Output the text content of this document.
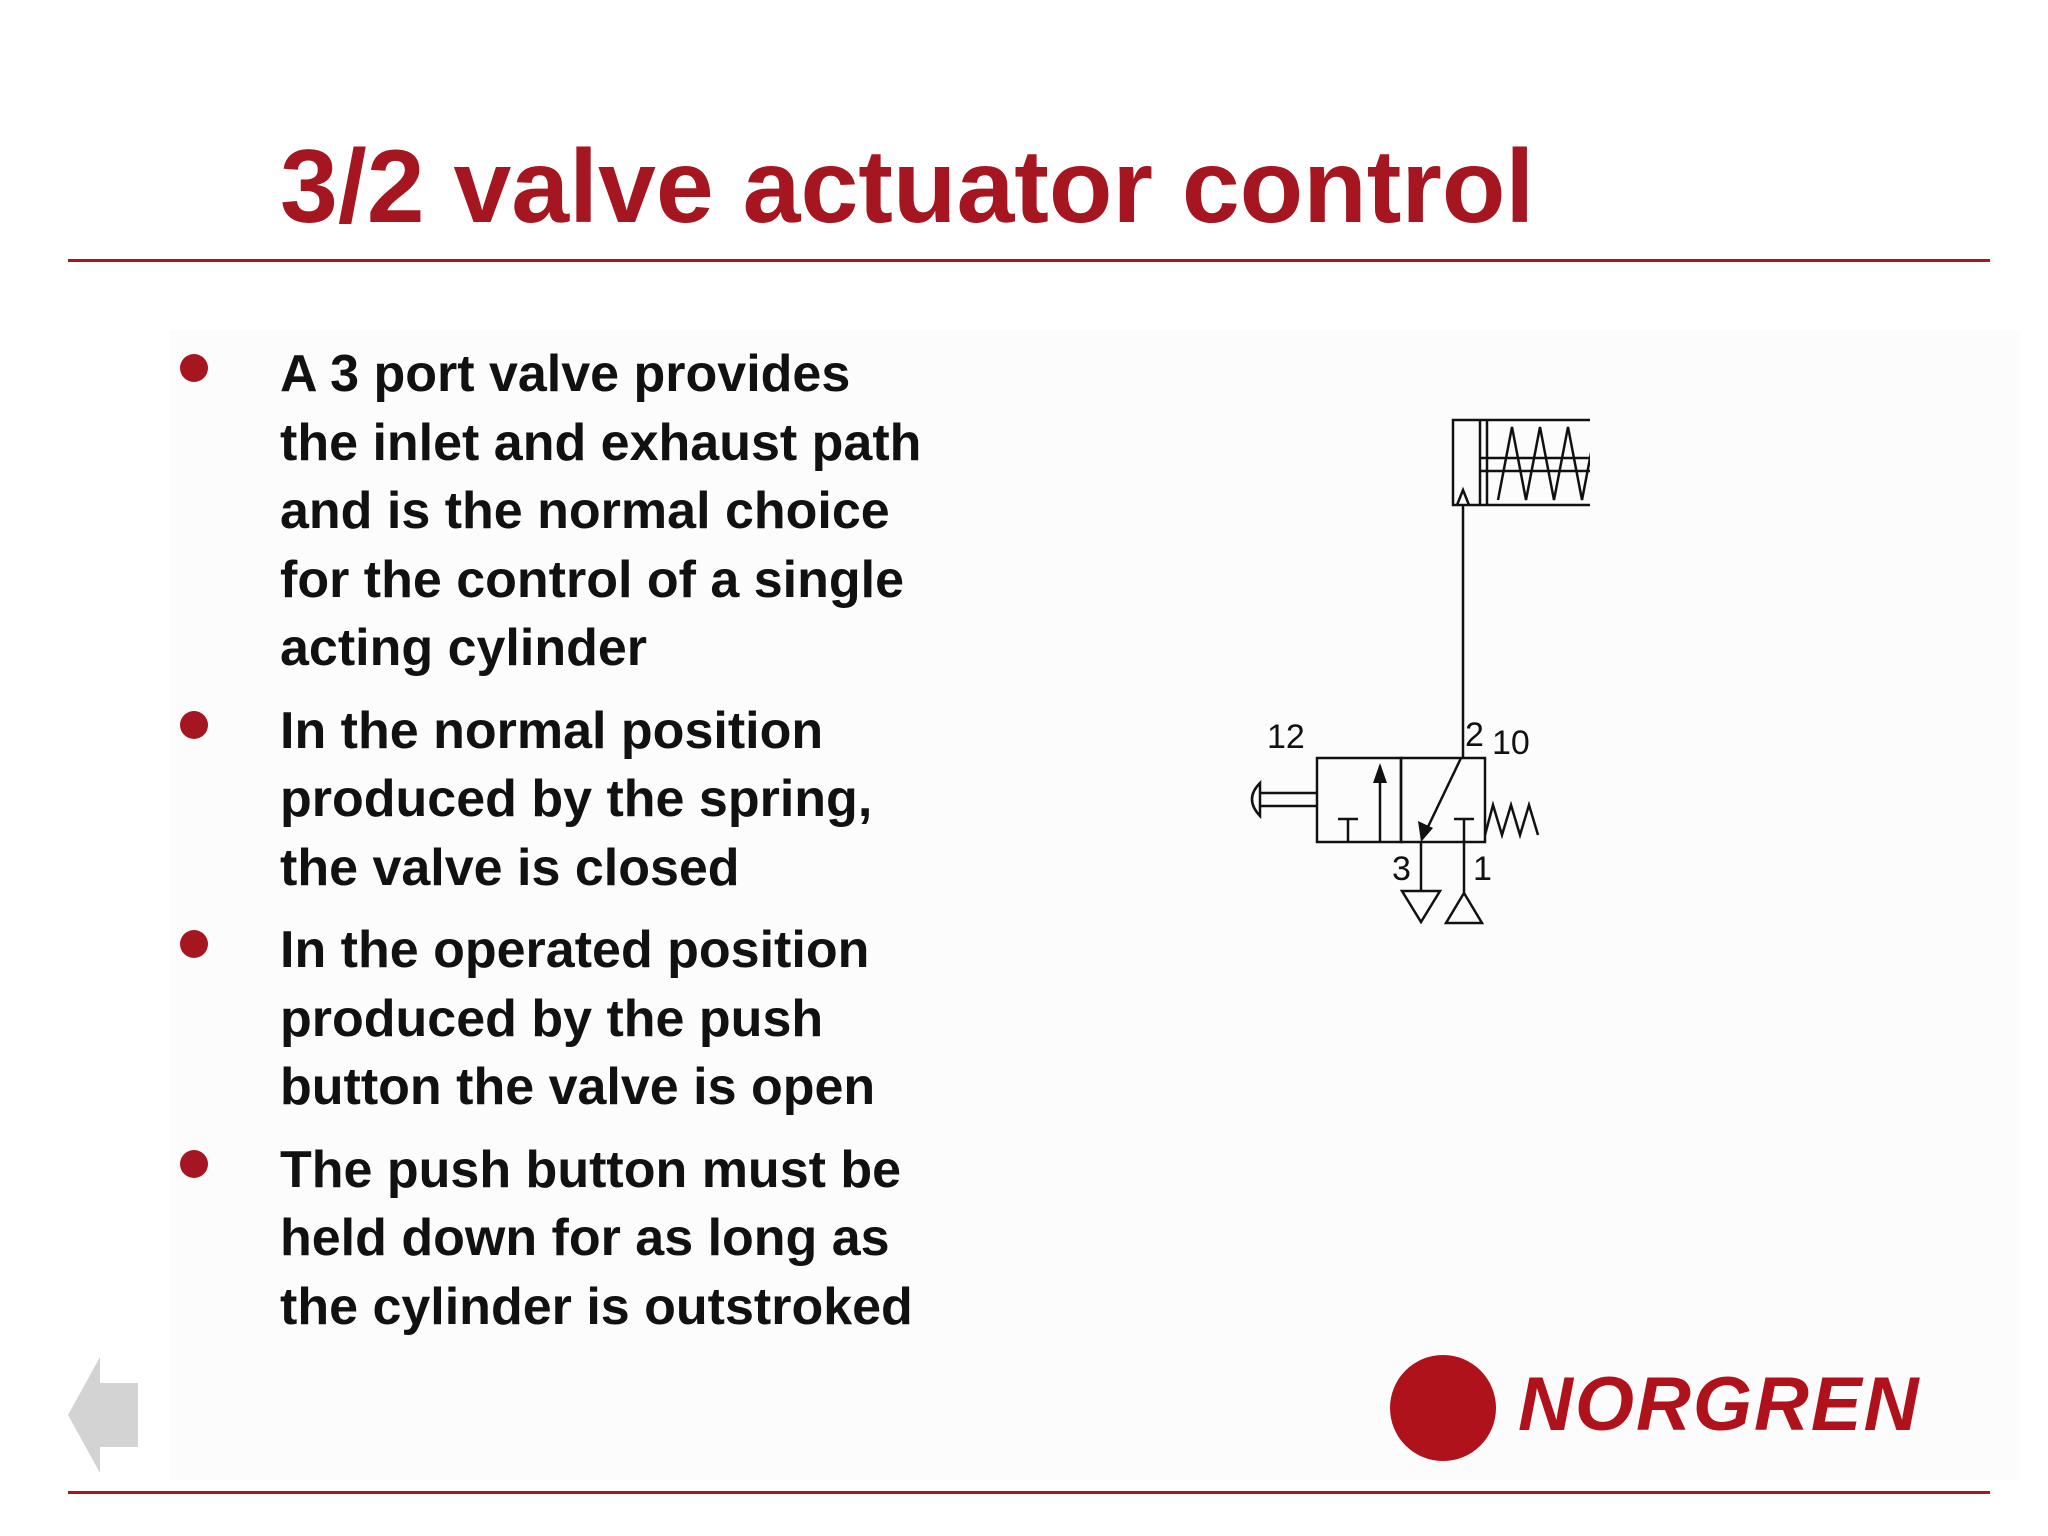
3/2 valve actuator control
A 3 port valve provides
the inlet and exhaust path
and is the normal choice
for the control of a single
acting cylinder
In the normal position
produced by the spring,
the valve is closed
In the operated position
produced by the push
button the valve is open
The push button must be
held down for as long as
the cylinder is outstroked
12	2 10
3 1
NORGREN
